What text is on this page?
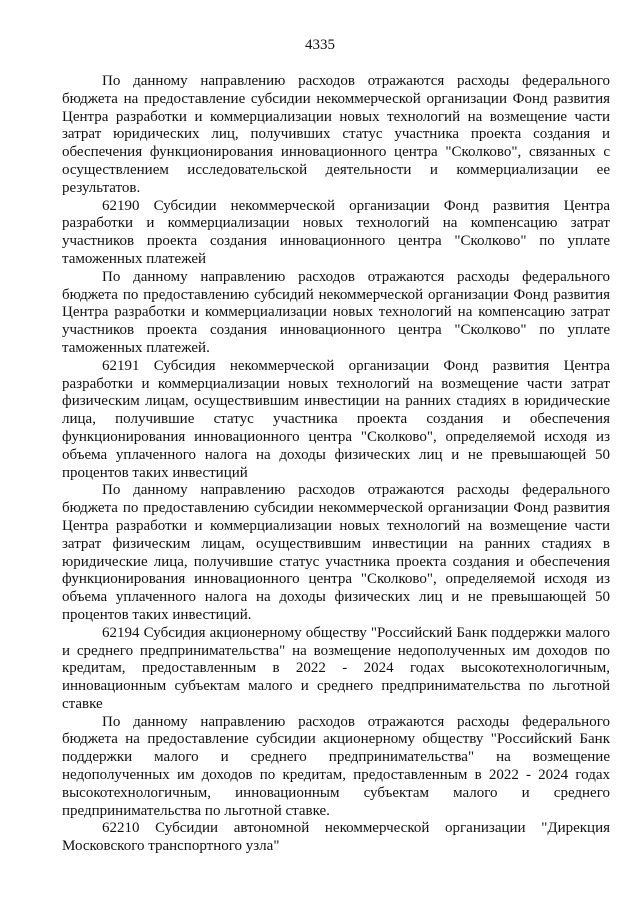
4335

По данному направлению расходов отражаются расходы федерального бюджета на предоставление субсидии некоммерческой организации Фонд развития Центра разработки и коммерциализации новых технологий на возмещение части затрат юридических лиц, получивших статус участника проекта создания и обеспечения функционирования инновационного центра "Сколково", связанных с осуществлением исследовательской деятельности и коммерциализации ее результатов.

62190 Субсидии некоммерческой организации Фонд развития Центра разработки и коммерциализации новых технологий на компенсацию затрат участников проекта создания инновационного центра "Сколково" по уплате таможенных платежей

По данному направлению расходов отражаются расходы федерального бюджета по предоставлению субсидий некоммерческой организации Фонд развития Центра разработки и коммерциализации новых технологий на компенсацию затрат участников проекта создания инновационного центра "Сколково" по уплате таможенных платежей.

62191 Субсидия некоммерческой организации Фонд развития Центра разработки и коммерциализации новых технологий на возмещение части затрат физическим лицам, осуществившим инвестиции на ранних стадиях в юридические лица, получившие статус участника проекта создания и обеспечения функционирования инновационного центра "Сколково", определяемой исходя из объема уплаченного налога на доходы физических лиц и не превышающей 50 процентов таких инвестиций

По данному направлению расходов отражаются расходы федерального бюджета по предоставлению субсидии некоммерческой организации Фонд развития Центра разработки и коммерциализации новых технологий на возмещение части затрат физическим лицам, осуществившим инвестиции на ранних стадиях в юридические лица, получившие статус участника проекта создания и обеспечения функционирования инновационного центра "Сколково", определяемой исходя из объема уплаченного налога на доходы физических лиц и не превышающей 50 процентов таких инвестиций.

62194 Субсидия акционерному обществу "Российский Банк поддержки малого и среднего предпринимательства" на возмещение недополученных им доходов по кредитам, предоставленным в 2022 - 2024 годах высокотехнологичным, инновационным субъектам малого и среднего предпринимательства по льготной ставке

По данному направлению расходов отражаются расходы федерального бюджета на предоставление субсидии акционерному обществу "Российский Банк поддержки малого и среднего предпринимательства" на возмещение недополученных им доходов по кредитам, предоставленным в 2022 - 2024 годах высокотехнологичным, инновационным субъектам малого и среднего предпринимательства по льготной ставке.

62210 Субсидии автономной некоммерческой организации "Дирекция Московского транспортного узла"
